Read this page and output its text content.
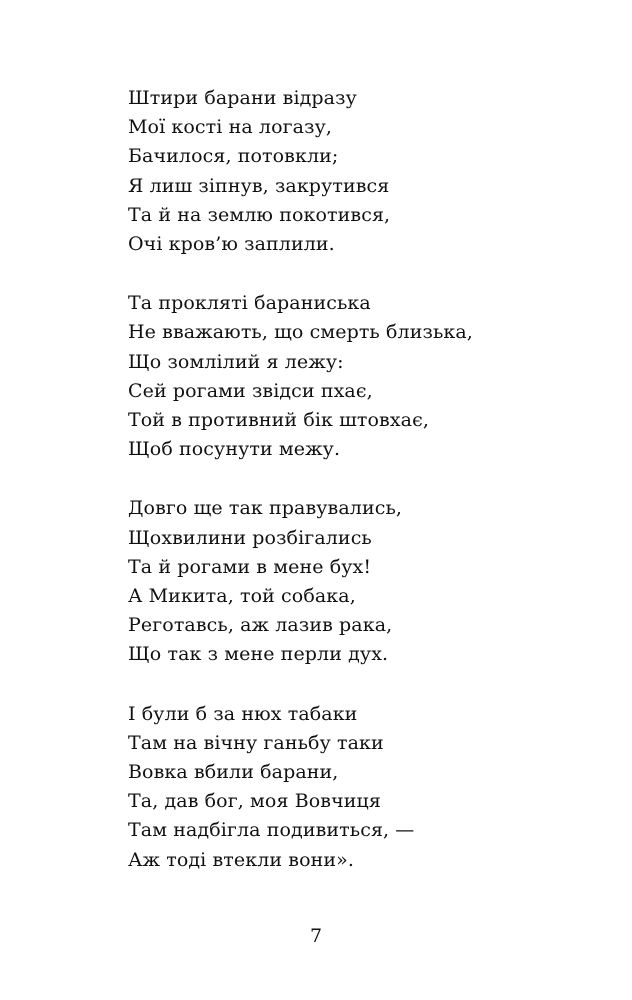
Штири барани відразу
Мої кості на логазу,
Бачилося, потовкли;
Я лиш зіпнув, закрутився
Та й на землю покотився,
Очі кров’ю заплили.
Та прокляті бараниська
Не вважають, що смерть близька,
Що зомлілий я лежу:
Сей рогами звідси пхає,
Той в противний бік штовхає,
Щоб посунути межу.
Довго ще так правувались,
Щохвилини розбігались
Та й рогами в мене бух!
А Микита, той собака,
Реготавсь, аж лазив рака,
Що так з мене перли дух.
І були б за нюх табаки
Там на вічну ганьбу таки
Вовка вбили барани,
Та, дав бог, моя Вовчиця
Там надбігла подивиться, —
Аж тоді втекли вони».
7
